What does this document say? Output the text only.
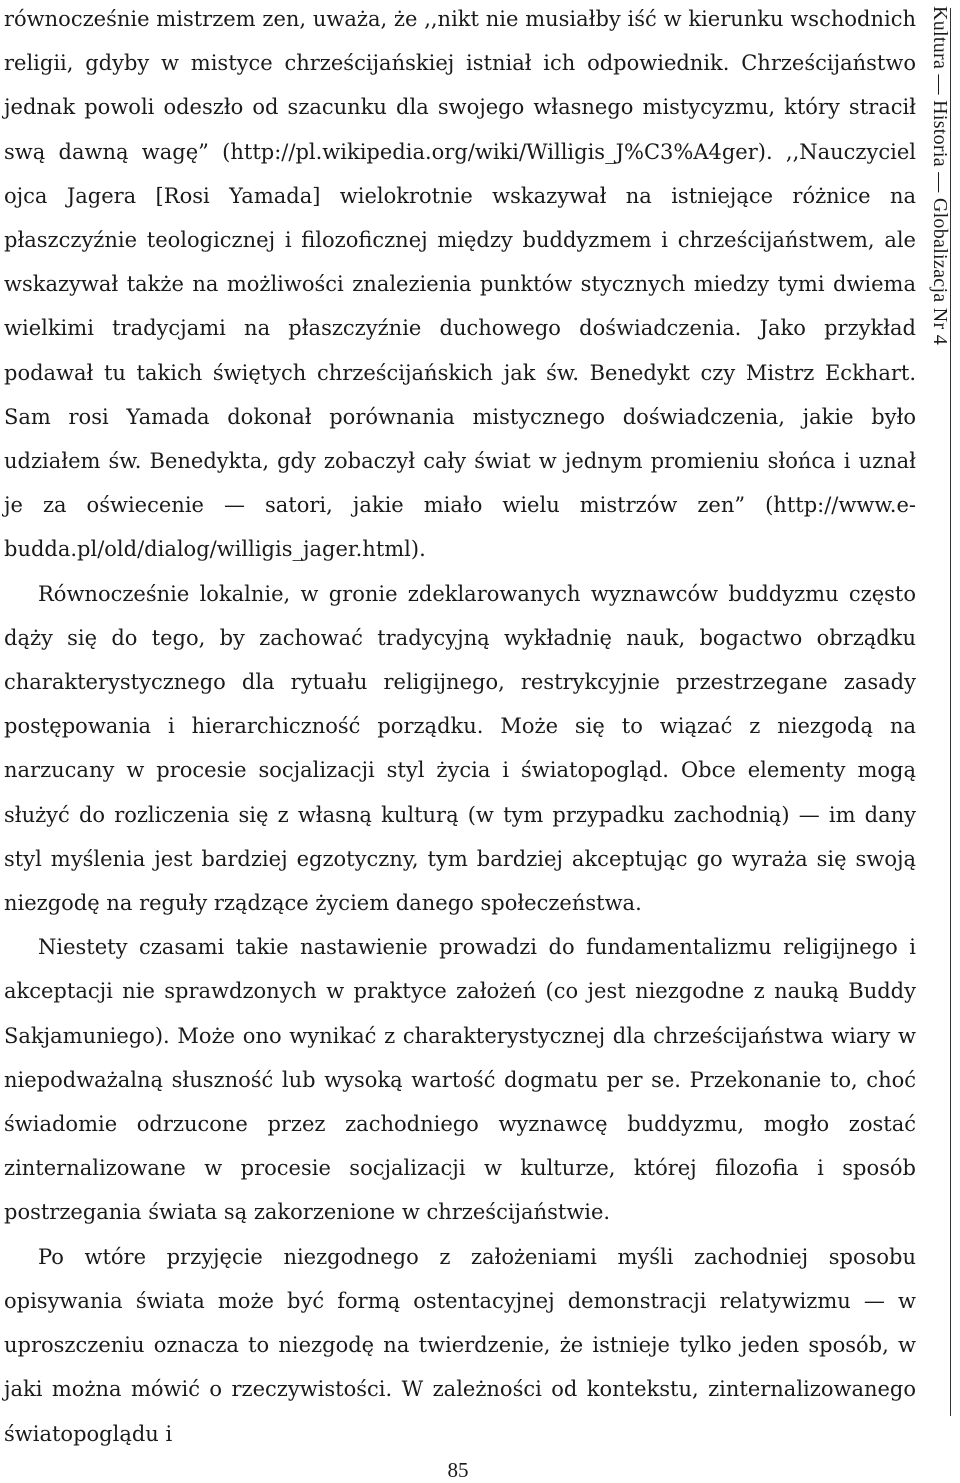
równocześnie mistrzem zen, uważa, że ,,nikt nie musiałby iść w kierunku wschodnich religii, gdyby w mistyce chrześcijańskiej istniał ich odpowiednik. Chrześcijaństwo jednak powoli odeszło od szacunku dla swojego własnego mistycyzmu, który stracił swą dawną wagę” (http://pl.wikipedia.org/wiki/Willigis_J%C3%A4ger). ,,Nauczyciel ojca Jagera [Rosi Yamada] wielokrotnie wskazywał na istniejące różnice na płaszczyźnie teologicznej i filozoficznej między buddyzmem i chrześcijaństwem, ale wskazywał także na możliwości znalezienia punktów stycznych miedzy tymi dwiema wielkimi tradycjami na płaszczyźnie duchowego doświadczenia. Jako przykład podawał tu takich świętych chrześcijańskich jak św. Benedykt czy Mistrz Eckhart. Sam rosi Yamada dokonał porównania mistycznego doświadczenia, jakie było udziałem św. Benedykta, gdy zobaczył cały świat w jednym promieniu słońca i uznał je za oświecenie — satori, jakie miało wielu mistrzów zen” (http://www.e-budda.pl/old/dialog/willigis_jager.html).

Równocześnie lokalnie, w gronie zdeklarowanych wyznawców buddyzmu często dąży się do tego, by zachować tradycyjną wykładnię nauk, bogactwo obrządku charakterystycznego dla rytuału religijnego, restrykcyjnie przestrzegane zasady postępowania i hierarchiczność porządku. Może się to wiązać z niezgodą na narzucany w procesie socjalizacji styl życia i światopogląd. Obce elementy mogą służyć do rozliczenia się z własną kulturą (w tym przypadku zachodnią) — im dany styl myślenia jest bardziej egzotyczny, tym bardziej akceptując go wyraża się swoją niezgodę na reguły rządzące życiem danego społeczeństwa.

Niestety czasami takie nastawienie prowadzi do fundamentalizmu religijnego i akceptacji nie sprawdzonych w praktyce założeń (co jest niezgodne z nauką Buddy Sakjamuniego). Może ono wynikać z charakterystycznej dla chrześcijaństwa wiary w niepodważalną słuszność lub wysoką wartość dogmatu per se. Przekonanie to, choć świadomie odrzucone przez zachodniego wyznawcę buddyzmu, mogło zostać zinternalizowane w procesie socjalizacji w kulturze, której filozofia i sposób postrzegania świata są zakorzenione w chrześcijaństwie.

Po wtóre przyjęcie niezgodnego z założeniami myśli zachodniej sposobu opisywania świata może być formą ostentacyjnej demonstracji relatywizmu — w uproszczeniu oznacza to niezgodę na twierdzenie, że istnieje tylko jeden sposób, w jaki można mówić o rzeczywistości. W zależności od kontekstu, zinternalizowanego światopoglądu i

Kultura — Historia — Globalizacja Nr 4
85
